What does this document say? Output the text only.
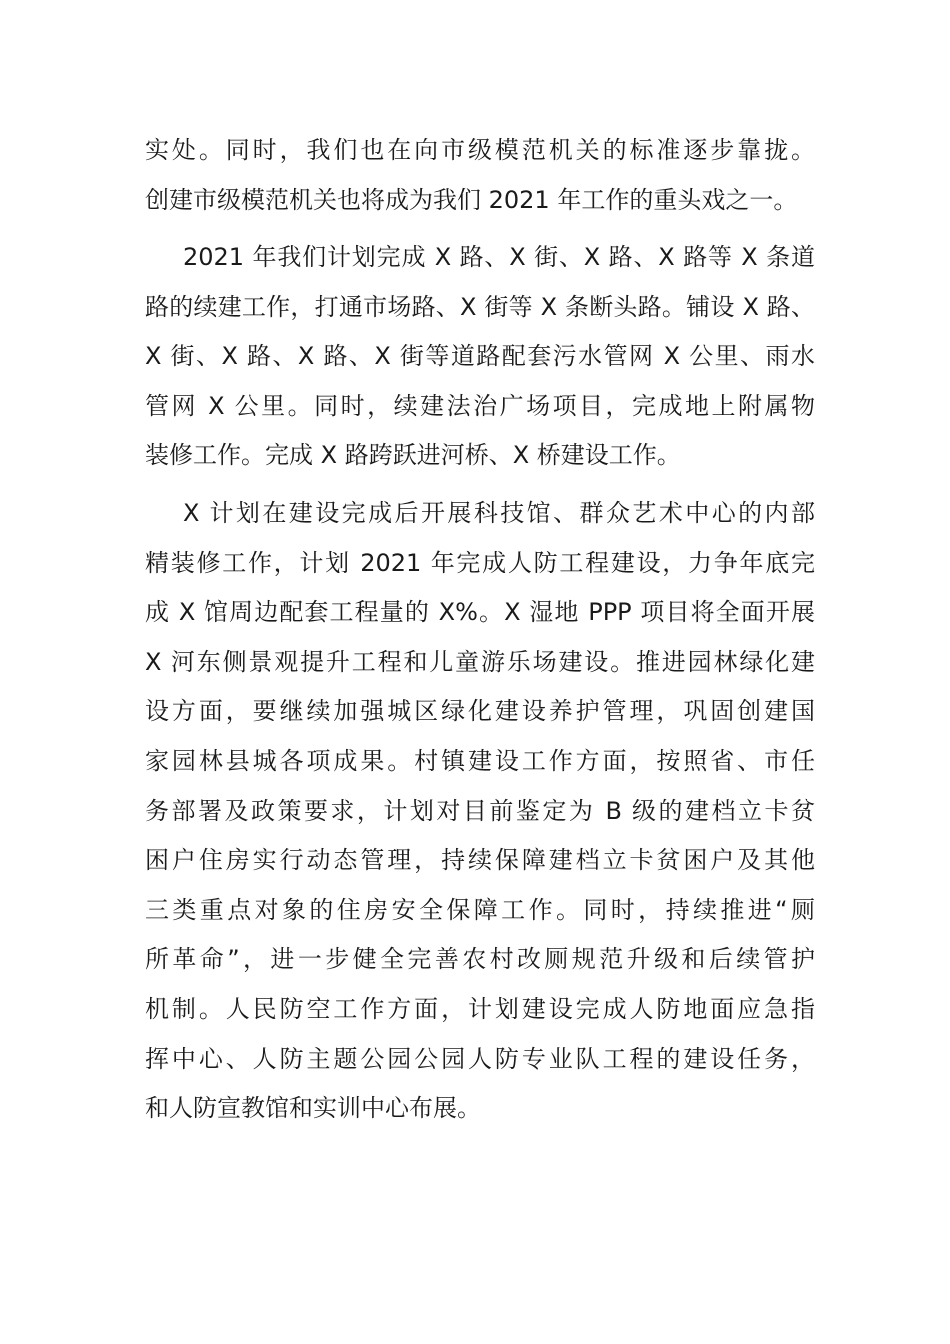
实处。同时，我们也在向市级模范机关的标准逐步靠拢。
创建市级模范机关也将成为我们 2021 年工作的重头戏之一。
2021 年我们计划完成 X 路、X 街、X 路、X 路等 X 条道
路的续建工作，打通市场路、X 街等 X 条断头路。铺设 X 路、
X 街、X 路、X 路、X 街等道路配套污水管网 X 公里、雨水
管网 X 公里。同时，续建法治广场项目，完成地上附属物
装修工作。完成 X 路跨跃进河桥、X 桥建设工作。
X 计划在建设完成后开展科技馆、群众艺术中心的内部
精装修工作，计划 2021 年完成人防工程建设，力争年底完
成 X 馆周边配套工程量的 X%。X 湿地 PPP 项目将全面开展
X 河东侧景观提升工程和儿童游乐场建设。推进园林绿化建
设方面，要继续加强城区绿化建设养护管理，巩固创建国
家园林县城各项成果。村镇建设工作方面，按照省、市任
务部署及政策要求，计划对目前鉴定为 B 级的建档立卡贫
困户住房实行动态管理，持续保障建档立卡贫困户及其他
三类重点对象的住房安全保障工作。同时，持续推进“厕
所革命”，进一步健全完善农村改厕规范升级和后续管护
机制。人民防空工作方面，计划建设完成人防地面应急指
挥中心、人防主题公园公园人防专业队工程的建设任务，
和人防宣教馆和实训中心布展。
